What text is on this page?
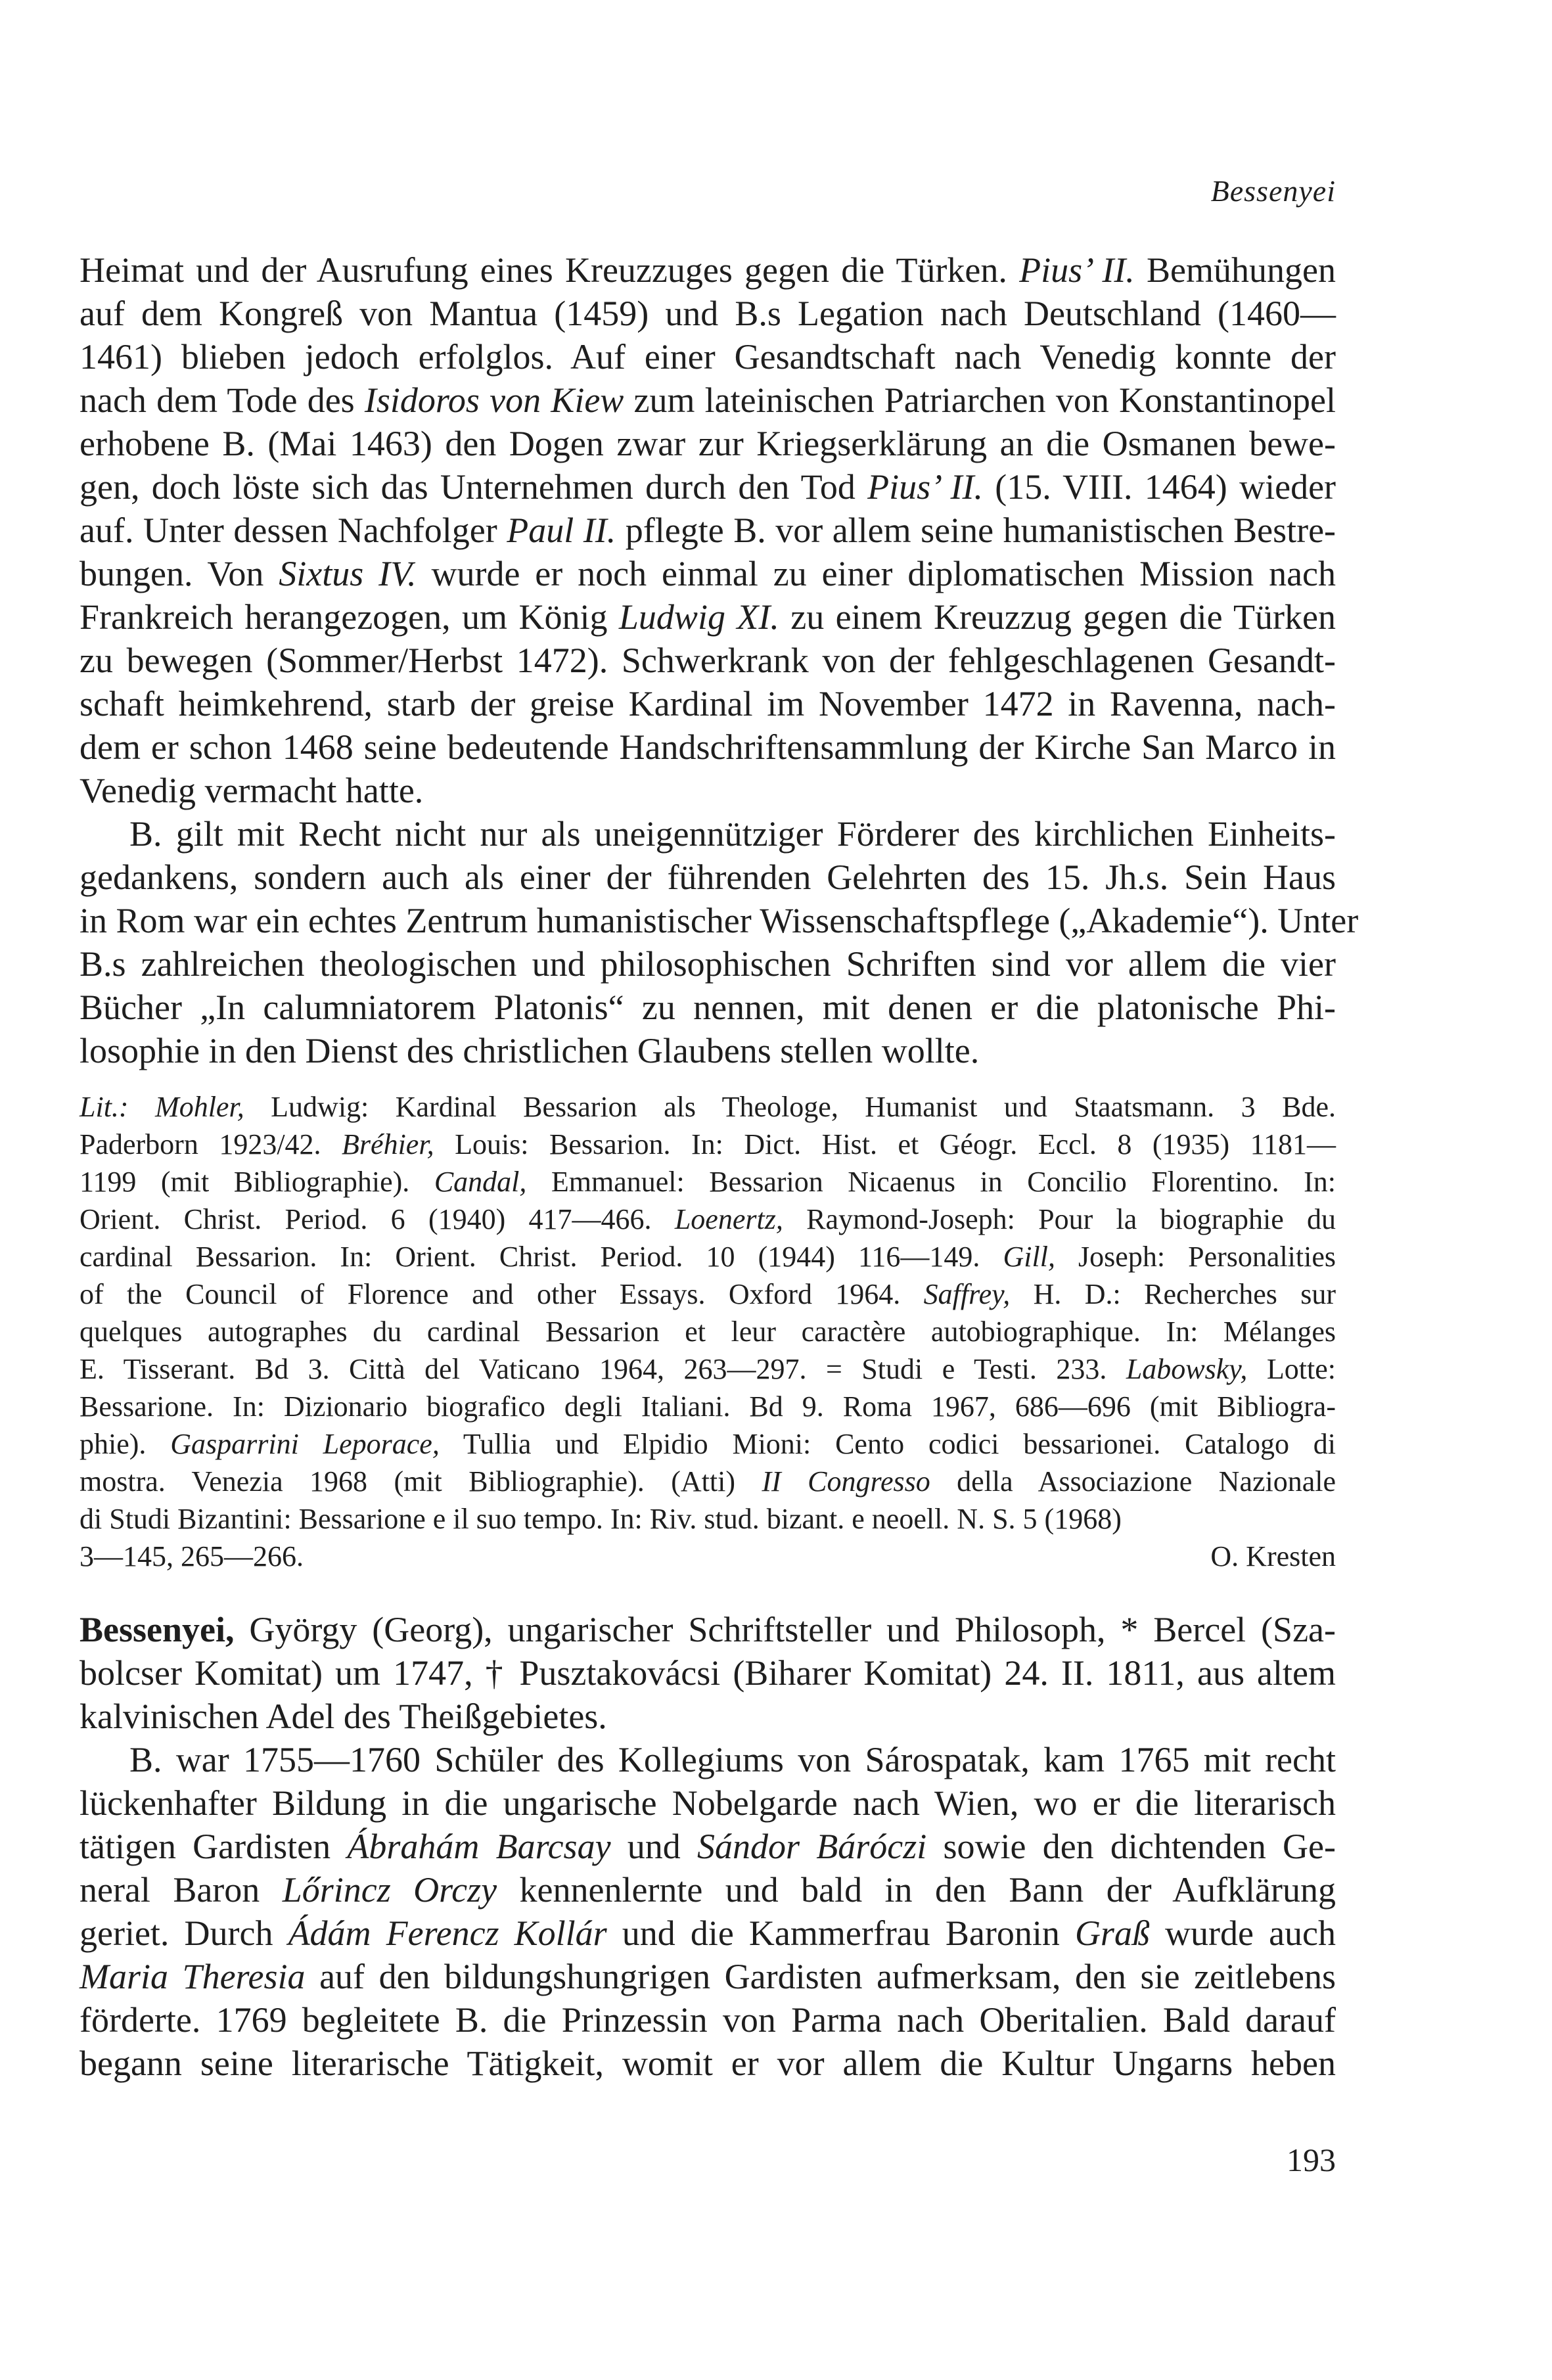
Bessenyei
Heimat und der Ausrufung eines Kreuzzuges gegen die Türken. Pius’ II. Bemühungen
auf dem Kongreß von Mantua (1459) und B.s Legation nach Deutschland (1460—
1461) blieben jedoch erfolglos. Auf einer Gesandtschaft nach Venedig konnte der
nach dem Tode des Isidoros von Kiew zum lateinischen Patriarchen von Konstantinopel
erhobene B. (Mai 1463) den Dogen zwar zur Kriegserklärung an die Osmanen bewe-
gen, doch löste sich das Unternehmen durch den Tod Pius’ II. (15. VIII. 1464) wieder
auf. Unter dessen Nachfolger Paul II. pflegte B. vor allem seine humanistischen Bestre-
bungen. Von Sixtus IV. wurde er noch einmal zu einer diplomatischen Mission nach
Frankreich herangezogen, um König Ludwig XI. zu einem Kreuzzug gegen die Türken
zu bewegen (Sommer/Herbst 1472). Schwerkrank von der fehlgeschlagenen Gesandt-
schaft heimkehrend, starb der greise Kardinal im November 1472 in Ravenna, nach-
dem er schon 1468 seine bedeutende Handschriftensammlung der Kirche San Marco in
Venedig vermacht hatte.
B. gilt mit Recht nicht nur als uneigennütziger Förderer des kirchlichen Einheits-
gedankens, sondern auch als einer der führenden Gelehrten des 15. Jh.s. Sein Haus
in Rom war ein echtes Zentrum humanistischer Wissenschaftspflege („Akademie“). Unter
B.s zahlreichen theologischen und philosophischen Schriften sind vor allem die vier
Bücher „In calumniatorem Platonis“ zu nennen, mit denen er die platonische Phi-
losophie in den Dienst des christlichen Glaubens stellen wollte.
Lit.: Mohler, Ludwig: Kardinal Bessarion als Theologe, Humanist und Staatsmann. 3 Bde.
Paderborn 1923/42. Bréhier, Louis: Bessarion. In: Dict. Hist. et Géogr. Eccl. 8 (1935) 1181—
1199 (mit Bibliographie). Candal, Emmanuel: Bessarion Nicaenus in Concilio Florentino. In:
Orient. Christ. Period. 6 (1940) 417—466. Loenertz, Raymond-Joseph: Pour la biographie du
cardinal Bessarion. In: Orient. Christ. Period. 10 (1944) 116—149. Gill, Joseph: Personalities
of the Council of Florence and other Essays. Oxford 1964. Saffrey, H. D.: Recherches sur
quelques autographes du cardinal Bessarion et leur caractère autobiographique. In: Mélanges
E. Tisserant. Bd 3. Città del Vaticano 1964, 263—297. = Studi e Testi. 233. Labowsky, Lotte:
Bessarione. In: Dizionario biografico degli Italiani. Bd 9. Roma 1967, 686—696 (mit Bibliogra-
phie). Gasparrini Leporace, Tullia und Elpidio Mioni: Cento codici bessarionei. Catalogo di
mostra. Venezia 1968 (mit Bibliographie). (Atti) II Congresso della Associazione Nazionale
di Studi Bizantini: Bessarione e il suo tempo. In: Riv. stud. bizant. e neoell. N. S. 5 (1968)
3—145, 265—266.	O. Kresten
Bessenyei, György (Georg), ungarischer Schriftsteller und Philosoph, * Bercel (Sza-
bolcser Komitat) um 1747, † Pusztakovácsi (Biharer Komitat) 24. II. 1811, aus altem
kalvinischen Adel des Theißgebietes.
B. war 1755—1760 Schüler des Kollegiums von Sárospatak, kam 1765 mit recht
lückenhafter Bildung in die ungarische Nobelgarde nach Wien, wo er die literarisch
tätigen Gardisten Ábrahám Barcsay und Sándor Báróczi sowie den dichtenden Ge-
neral Baron Lőrincz Orczy kennenlernte und bald in den Bann der Aufklärung
geriet. Durch Ádám Ferencz Kollár und die Kammerfrau Baronin Graß wurde auch
Maria Theresia auf den bildungshungrigen Gardisten aufmerksam, den sie zeitlebens
förderte. 1769 begleitete B. die Prinzessin von Parma nach Oberitalien. Bald darauf
begann seine literarische Tätigkeit, womit er vor allem die Kultur Ungarns heben
193
